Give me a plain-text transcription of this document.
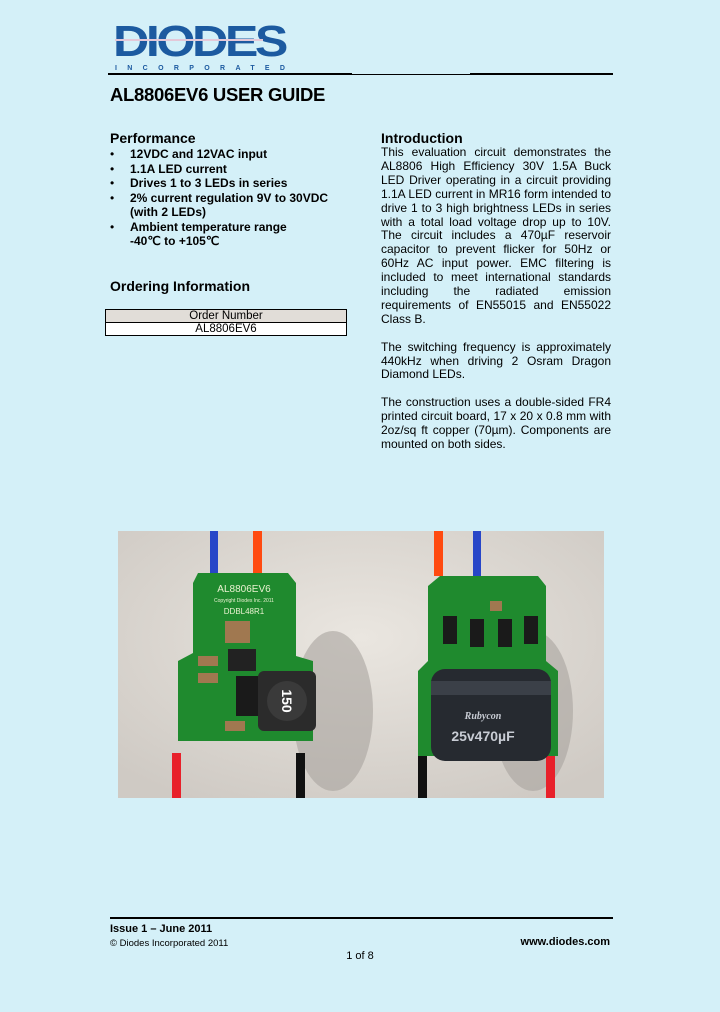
DIODES
INCORPORATED
AL8806EV6 USER GUIDE
Performance
• 12VDC and 12VAC input
• 1.1A LED current
• Drives 1 to 3 LEDs in series
• 2% current regulation 9V to 30VDC (with 2 LEDs)
• Ambient temperature range -40℃ to +105℃
Ordering Information
Order Number
AL8806EV6
Introduction

This evaluation circuit demonstrates the AL8806 High Efficiency 30V 1.5A Buck LED Driver operating in a circuit providing 1.1A LED current in MR16 form intended to drive 1 to 3 high brightness LEDs in series with a total load voltage drop up to 10V. The circuit includes a 470µF reservoir capacitor to prevent flicker for 50Hz or 60Hz AC input power. EMC filtering is included to meet international standards including the radiated emission requirements of EN55015 and EN55022 Class B.

The switching frequency is approximately 440kHz when driving 2 Osram Dragon Diamond LEDs.

The construction uses a double-sided FR4 printed circuit board, 17 x 20 x 0.8 mm with 2oz/sq ft copper (70µm). Components are mounted on both sides.

AL8806EV6
Copyright Diodes Inc. 2011
DDBL48R1
150
Rubycon
25v470µF
Issue 1 – June 2011
© Diodes Incorporated 2011	www.diodes.com
1 of 8
